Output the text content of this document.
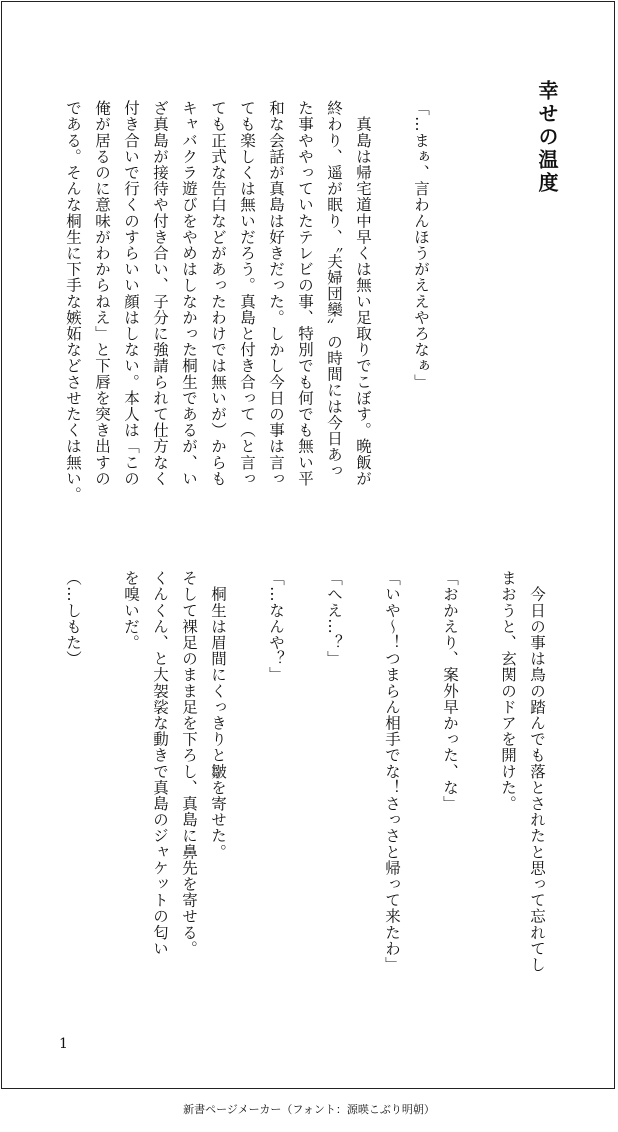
幸せの温度
「…まぁ、言わんほうがええやろなぁ」

　真島は帰宅道中早くは無い足取りでこぼす。晩飯が
終わり、遥が眠り、〝夫婦団欒〟の時間には今日あっ
た事ややっていたテレビの事、特別でも何でも無い平
和な会話が真島は好きだった。しかし今日の事は言っ
ても楽しくは無いだろう。真島と付き合って（と言っ
ても正式な告白などがあったわけでは無いが）からも
キャバクラ遊びをやめはしなかった桐生であるが、い
ざ真島が接待や付き合い、子分に強請られて仕方なく
付き合いで行くのすらいい顔はしない。本人は「この
俺が居るのに意味がわからねえ」と下唇を突き出すの
である。そんな桐生に下手な嫉妬などさせたくは無い。
　今日の事は鳥の踏んでも落とされたと思って忘れてし
まおうと、玄関のドアを開けた。

「おかえり、案外早かった、な」

「いや〜！つまらん相手でな！さっさと帰って来たわ」

「へえ…？」

「…なんや？」

　桐生は眉間にくっきりと皺を寄せた。
そして裸足のまま足を下ろし、真島に鼻先を寄せる。
くんくん、と大袈裟な動きで真島のジャケットの匂い
を嗅いだ。

（…しもた）

1

新書ページメーカー（フォント：源暎こぶり明朝）
